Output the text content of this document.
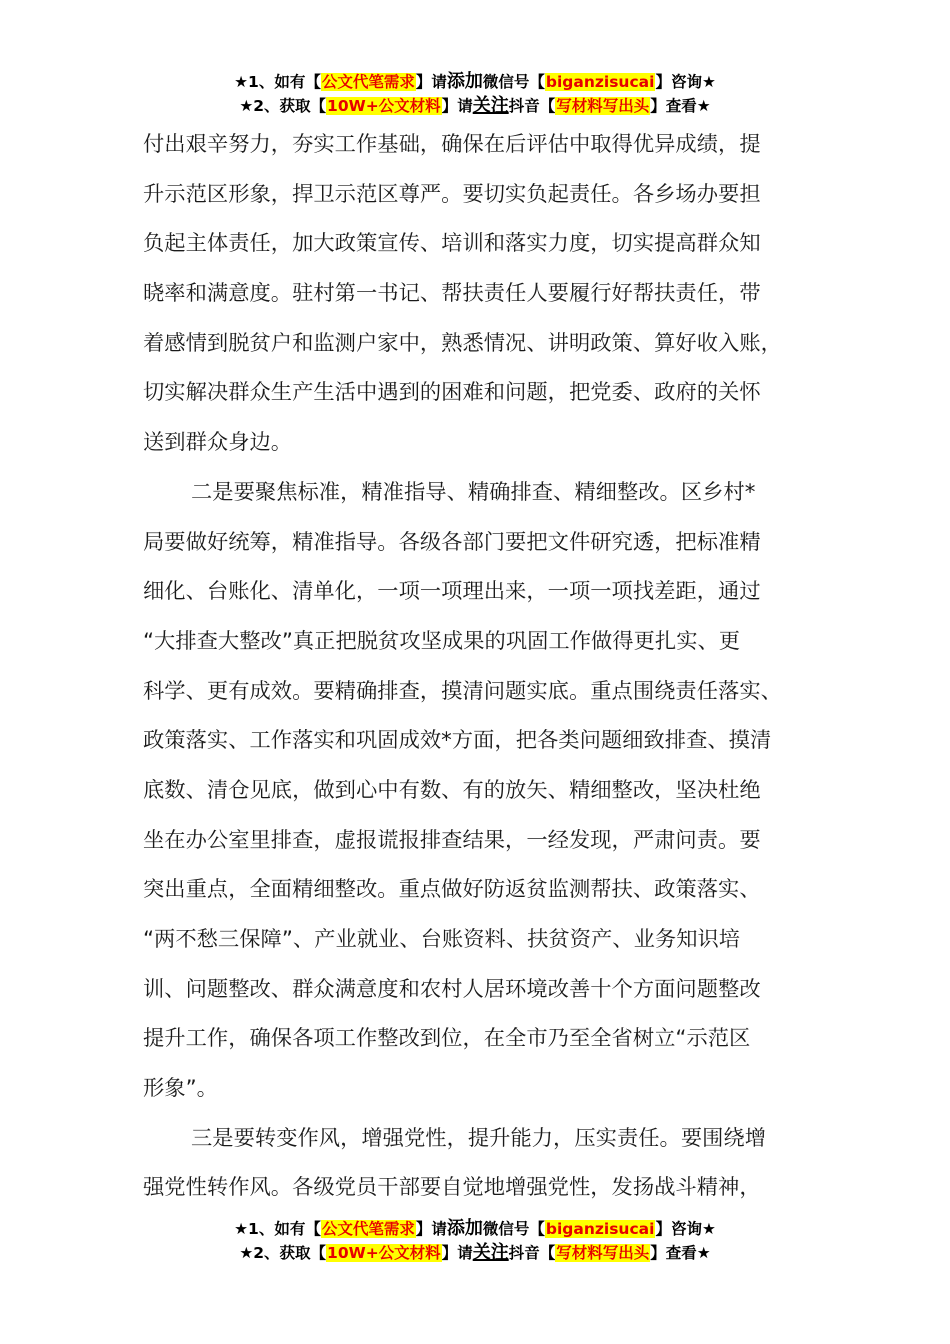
★1、如有【公文代笔需求】请添加微信号【biganzisucai】咨询★
★2、获取【10W+公文材料】请关注抖音【写材料写出头】查看★
付出艰辛努力，夯实工作基础，确保在后评估中取得优异成绩，提
升示范区形象，捍卫示范区尊严。要切实负起责任。各乡场办要担
负起主体责任，加大政策宣传、培训和落实力度，切实提高群众知
晓率和满意度。驻村第一书记、帮扶责任人要履行好帮扶责任，带
着感情到脱贫户和监测户家中，熟悉情况、讲明政策、算好收入账，
切实解决群众生产生活中遇到的困难和问题，把党委、政府的关怀
送到群众身边。
二是要聚焦标准，精准指导、精确排查、精细整改。区乡村*
局要做好统筹，精准指导。各级各部门要把文件研究透，把标准精
细化、台账化、清单化，一项一项理出来，一项一项找差距，通过
“大排查大整改”真正把脱贫攻坚成果的巩固工作做得更扎实、更
科学、更有成效。要精确排查，摸清问题实底。重点围绕责任落实、
政策落实、工作落实和巩固成效*方面，把各类问题细致排查、摸清
底数、清仓见底，做到心中有数、有的放矢、精细整改，坚决杜绝
坐在办公室里排查，虚报谎报排查结果，一经发现，严肃问责。要
突出重点，全面精细整改。重点做好防返贫监测帮扶、政策落实、
“两不愁三保障”、产业就业、台账资料、扶贫资产、业务知识培
训、问题整改、群众满意度和农村人居环境改善十个方面问题整改
提升工作，确保各项工作整改到位，在全市乃至全省树立“示范区
形象”。
三是要转变作风，增强党性，提升能力，压实责任。要围绕增
强党性转作风。各级党员干部要自觉地增强党性，发扬战斗精神，
★1、如有【公文代笔需求】请添加微信号【biganzisucai】咨询★
★2、获取【10W+公文材料】请关注抖音【写材料写出头】查看★
